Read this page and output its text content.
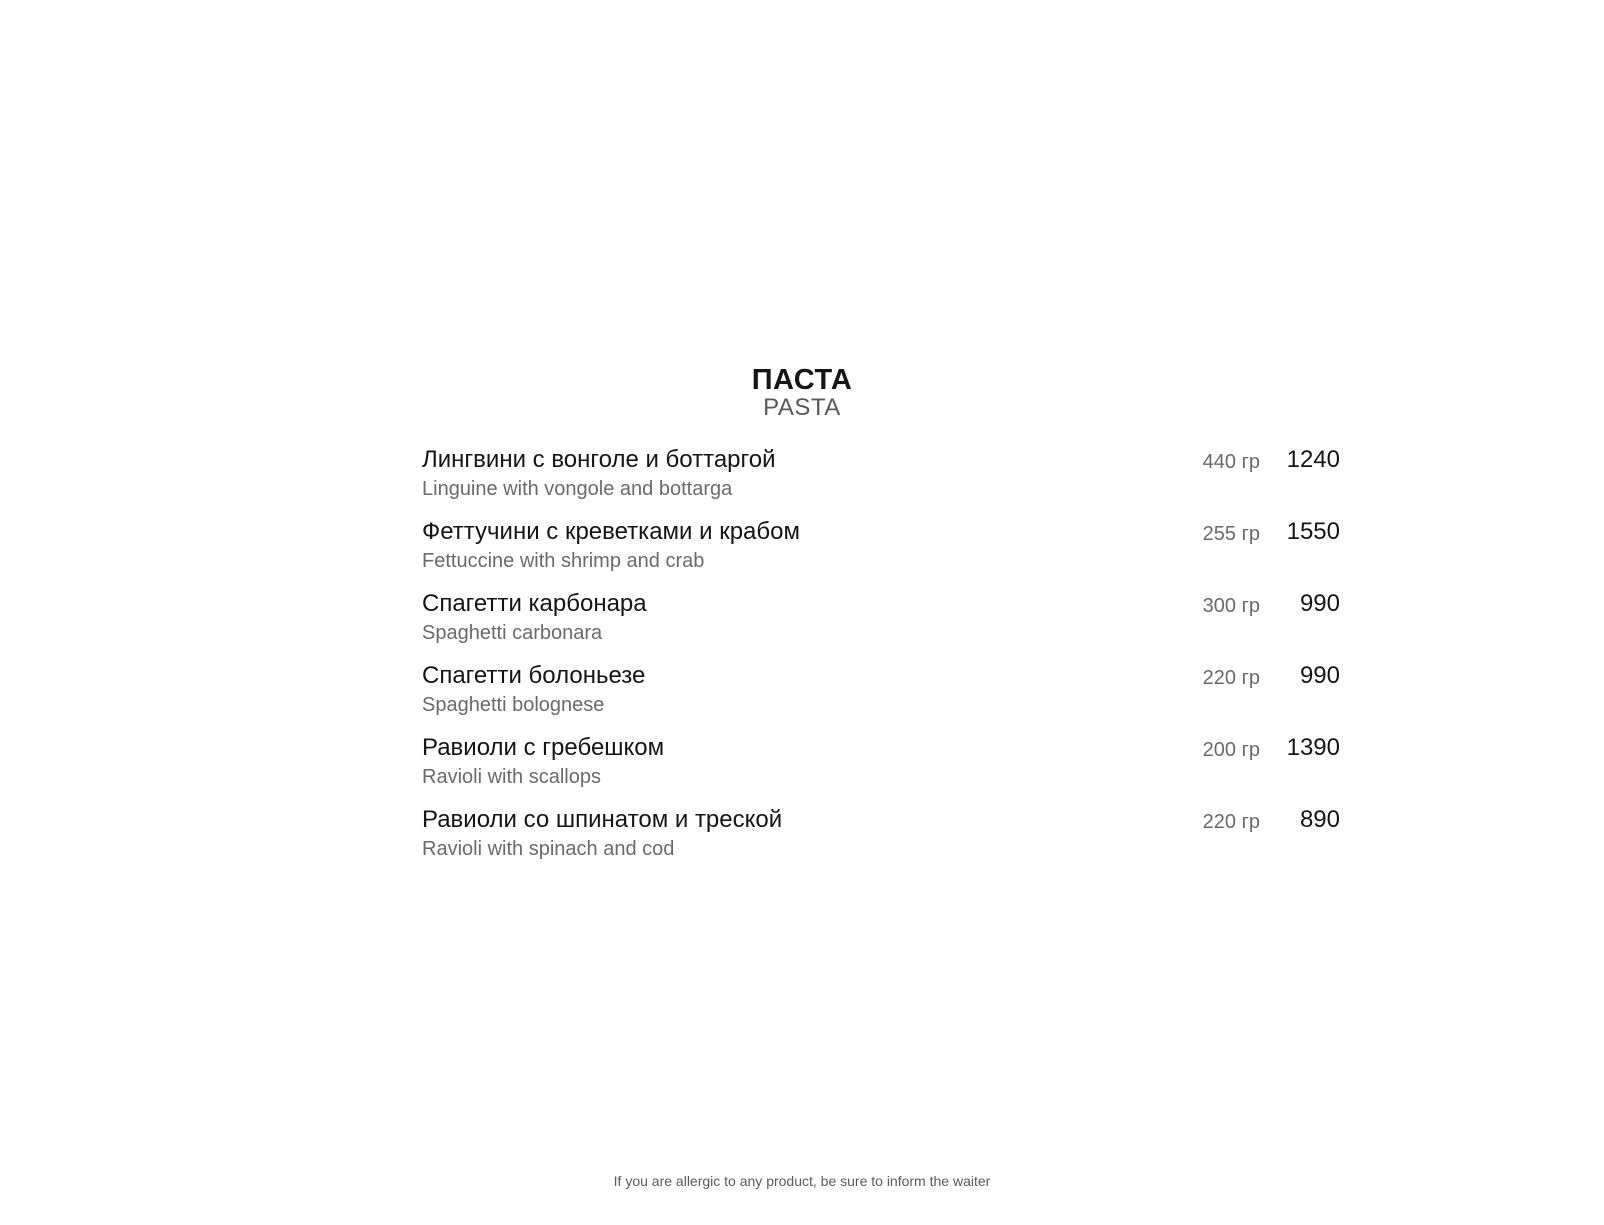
ПАСТА
PASTA
Лингвини с вонголе и боттаргой
Linguine with vongole and bottarga
440 гр 1240
Феттучини с креветками и крабом
Fettuccine with shrimp and crab
255 гр 1550
Спагетти карбонара
Spaghetti carbonara
300 гр 990
Спагетти болоньезе
Spaghetti bolognese
220 гр 990
Равиоли с гребешком
Ravioli with scallops
200 гр 1390
Равиоли со шпинатом и треской
Ravioli with spinach and cod
220 гр 890
If you are allergic to any product, be sure to inform the waiter
